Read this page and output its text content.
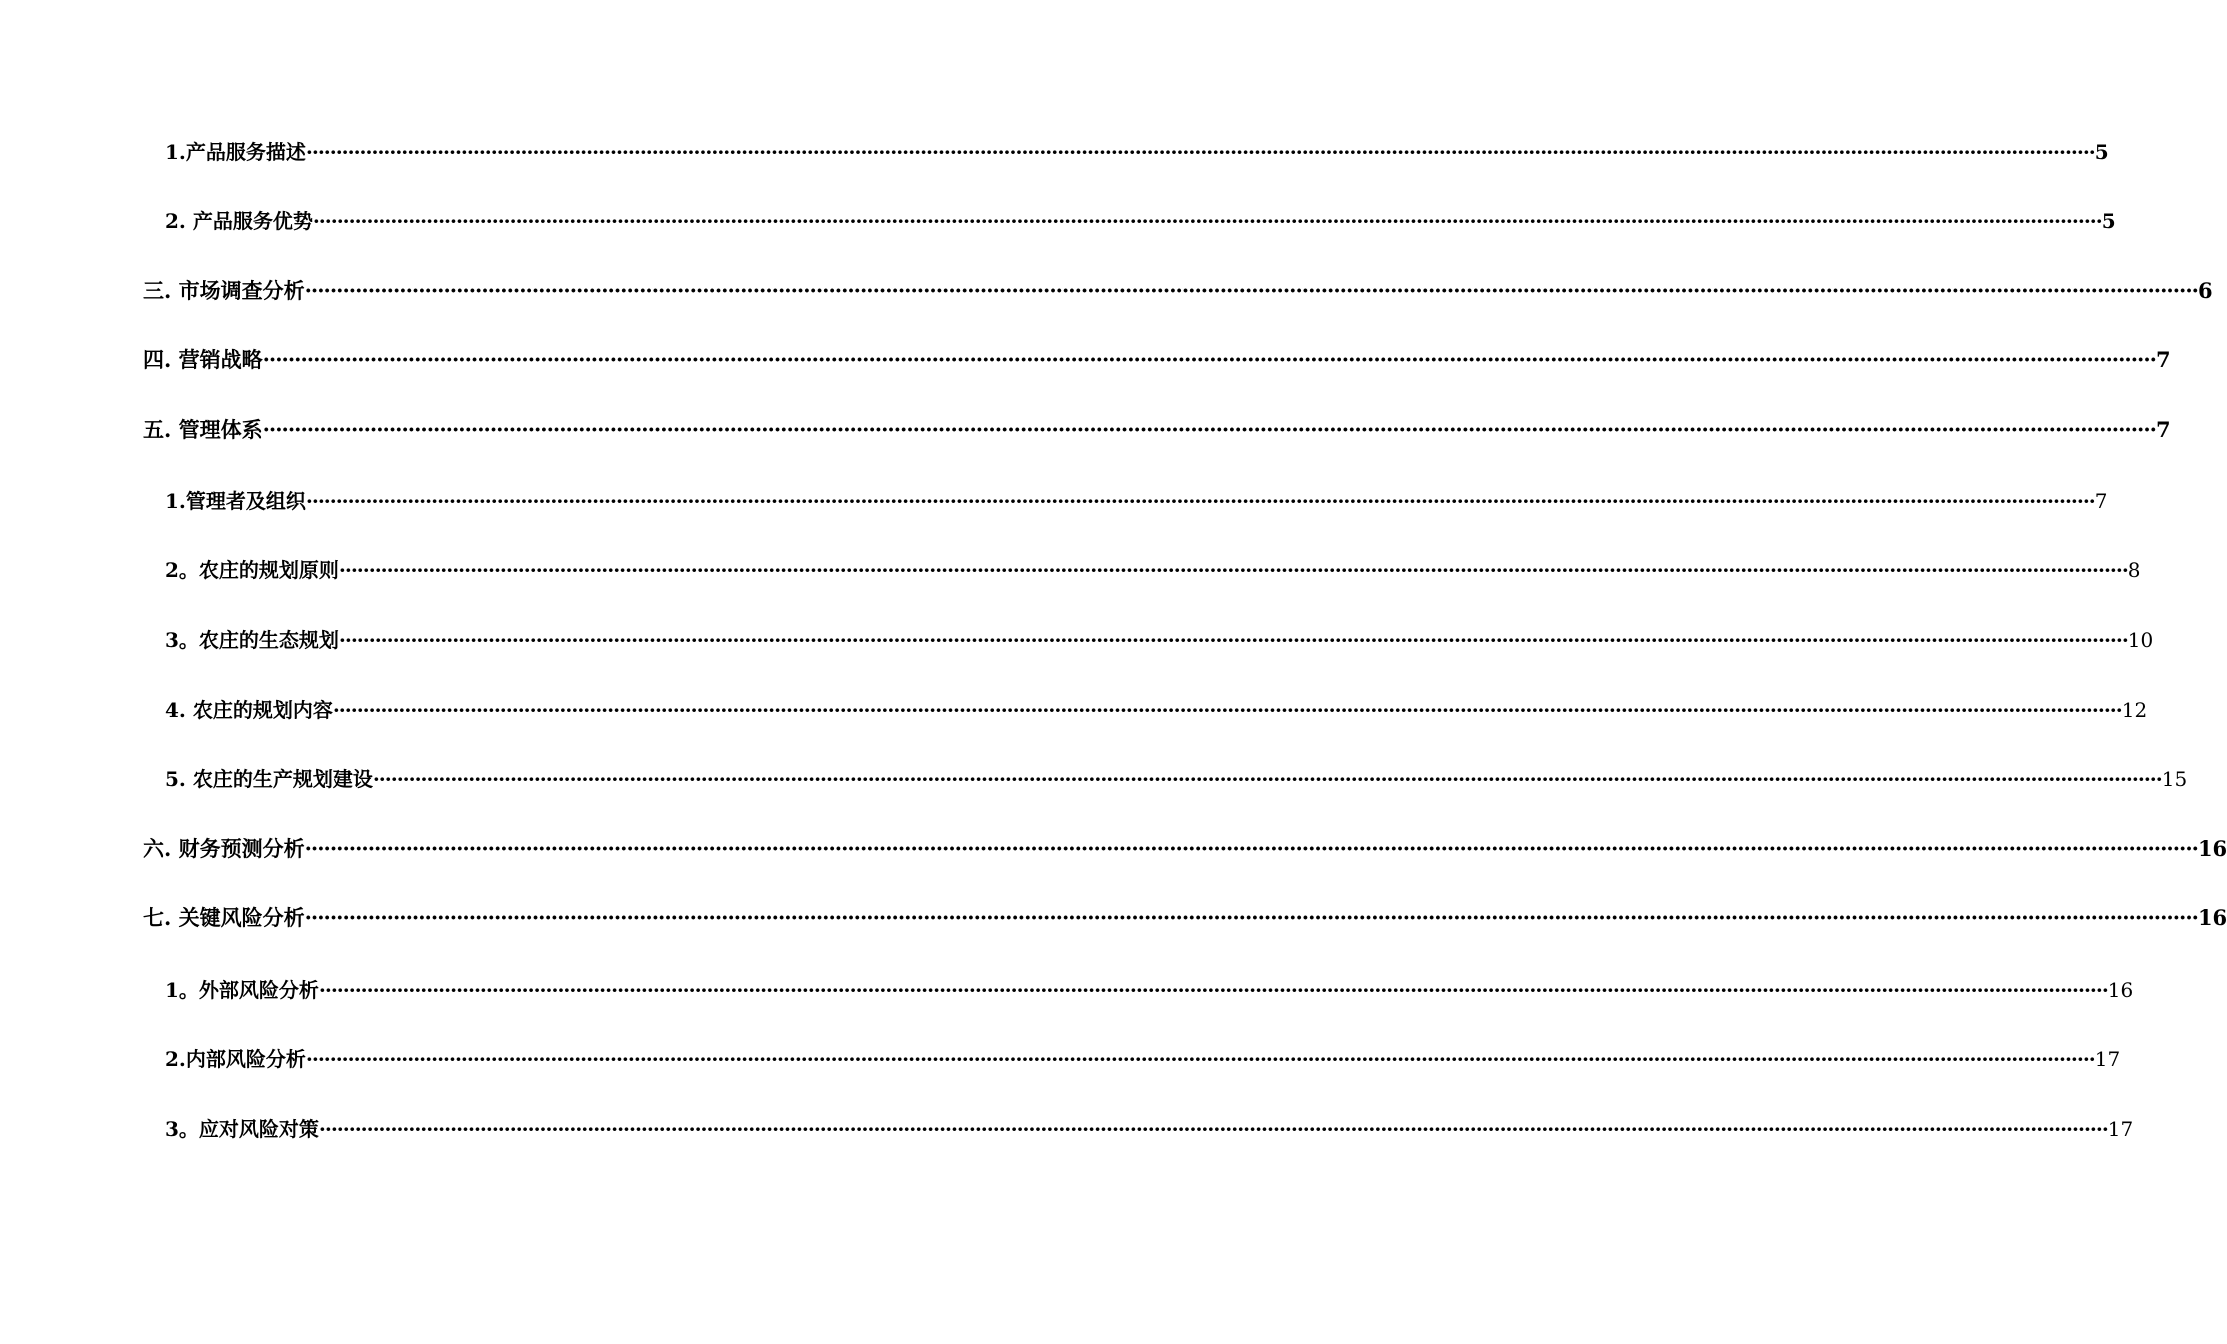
1.产品服务描述 ············································································································································································································································································································ 5
2. 产品服务优势 ············································································································································································································································································································ 5
三. 市场调查分析 ············································································································································································································································································································ 6
四. 营销战略 ············································································································································································································································································································ 7
五. 管理体系 ············································································································································································································································································································ 7
1.管理者及组织 ············································································································································································································································································································ 7
2。农庄的规划原则 ············································································································································································································································································································ 8
3。农庄的生态规划 ············································································································································································································································································································ 10
4. 农庄的规划内容 ············································································································································································································································································································ 12
5. 农庄的生产规划建设 ············································································································································································································································································································ 15
六. 财务预测分析 ············································································································································································································································································································ 16
七. 关键风险分析 ············································································································································································································································································································ 16
1。外部风险分析 ············································································································································································································································································································ 16
2.内部风险分析 ············································································································································································································································································································ 17
3。应对风险对策 ············································································································································································································································································································ 17
